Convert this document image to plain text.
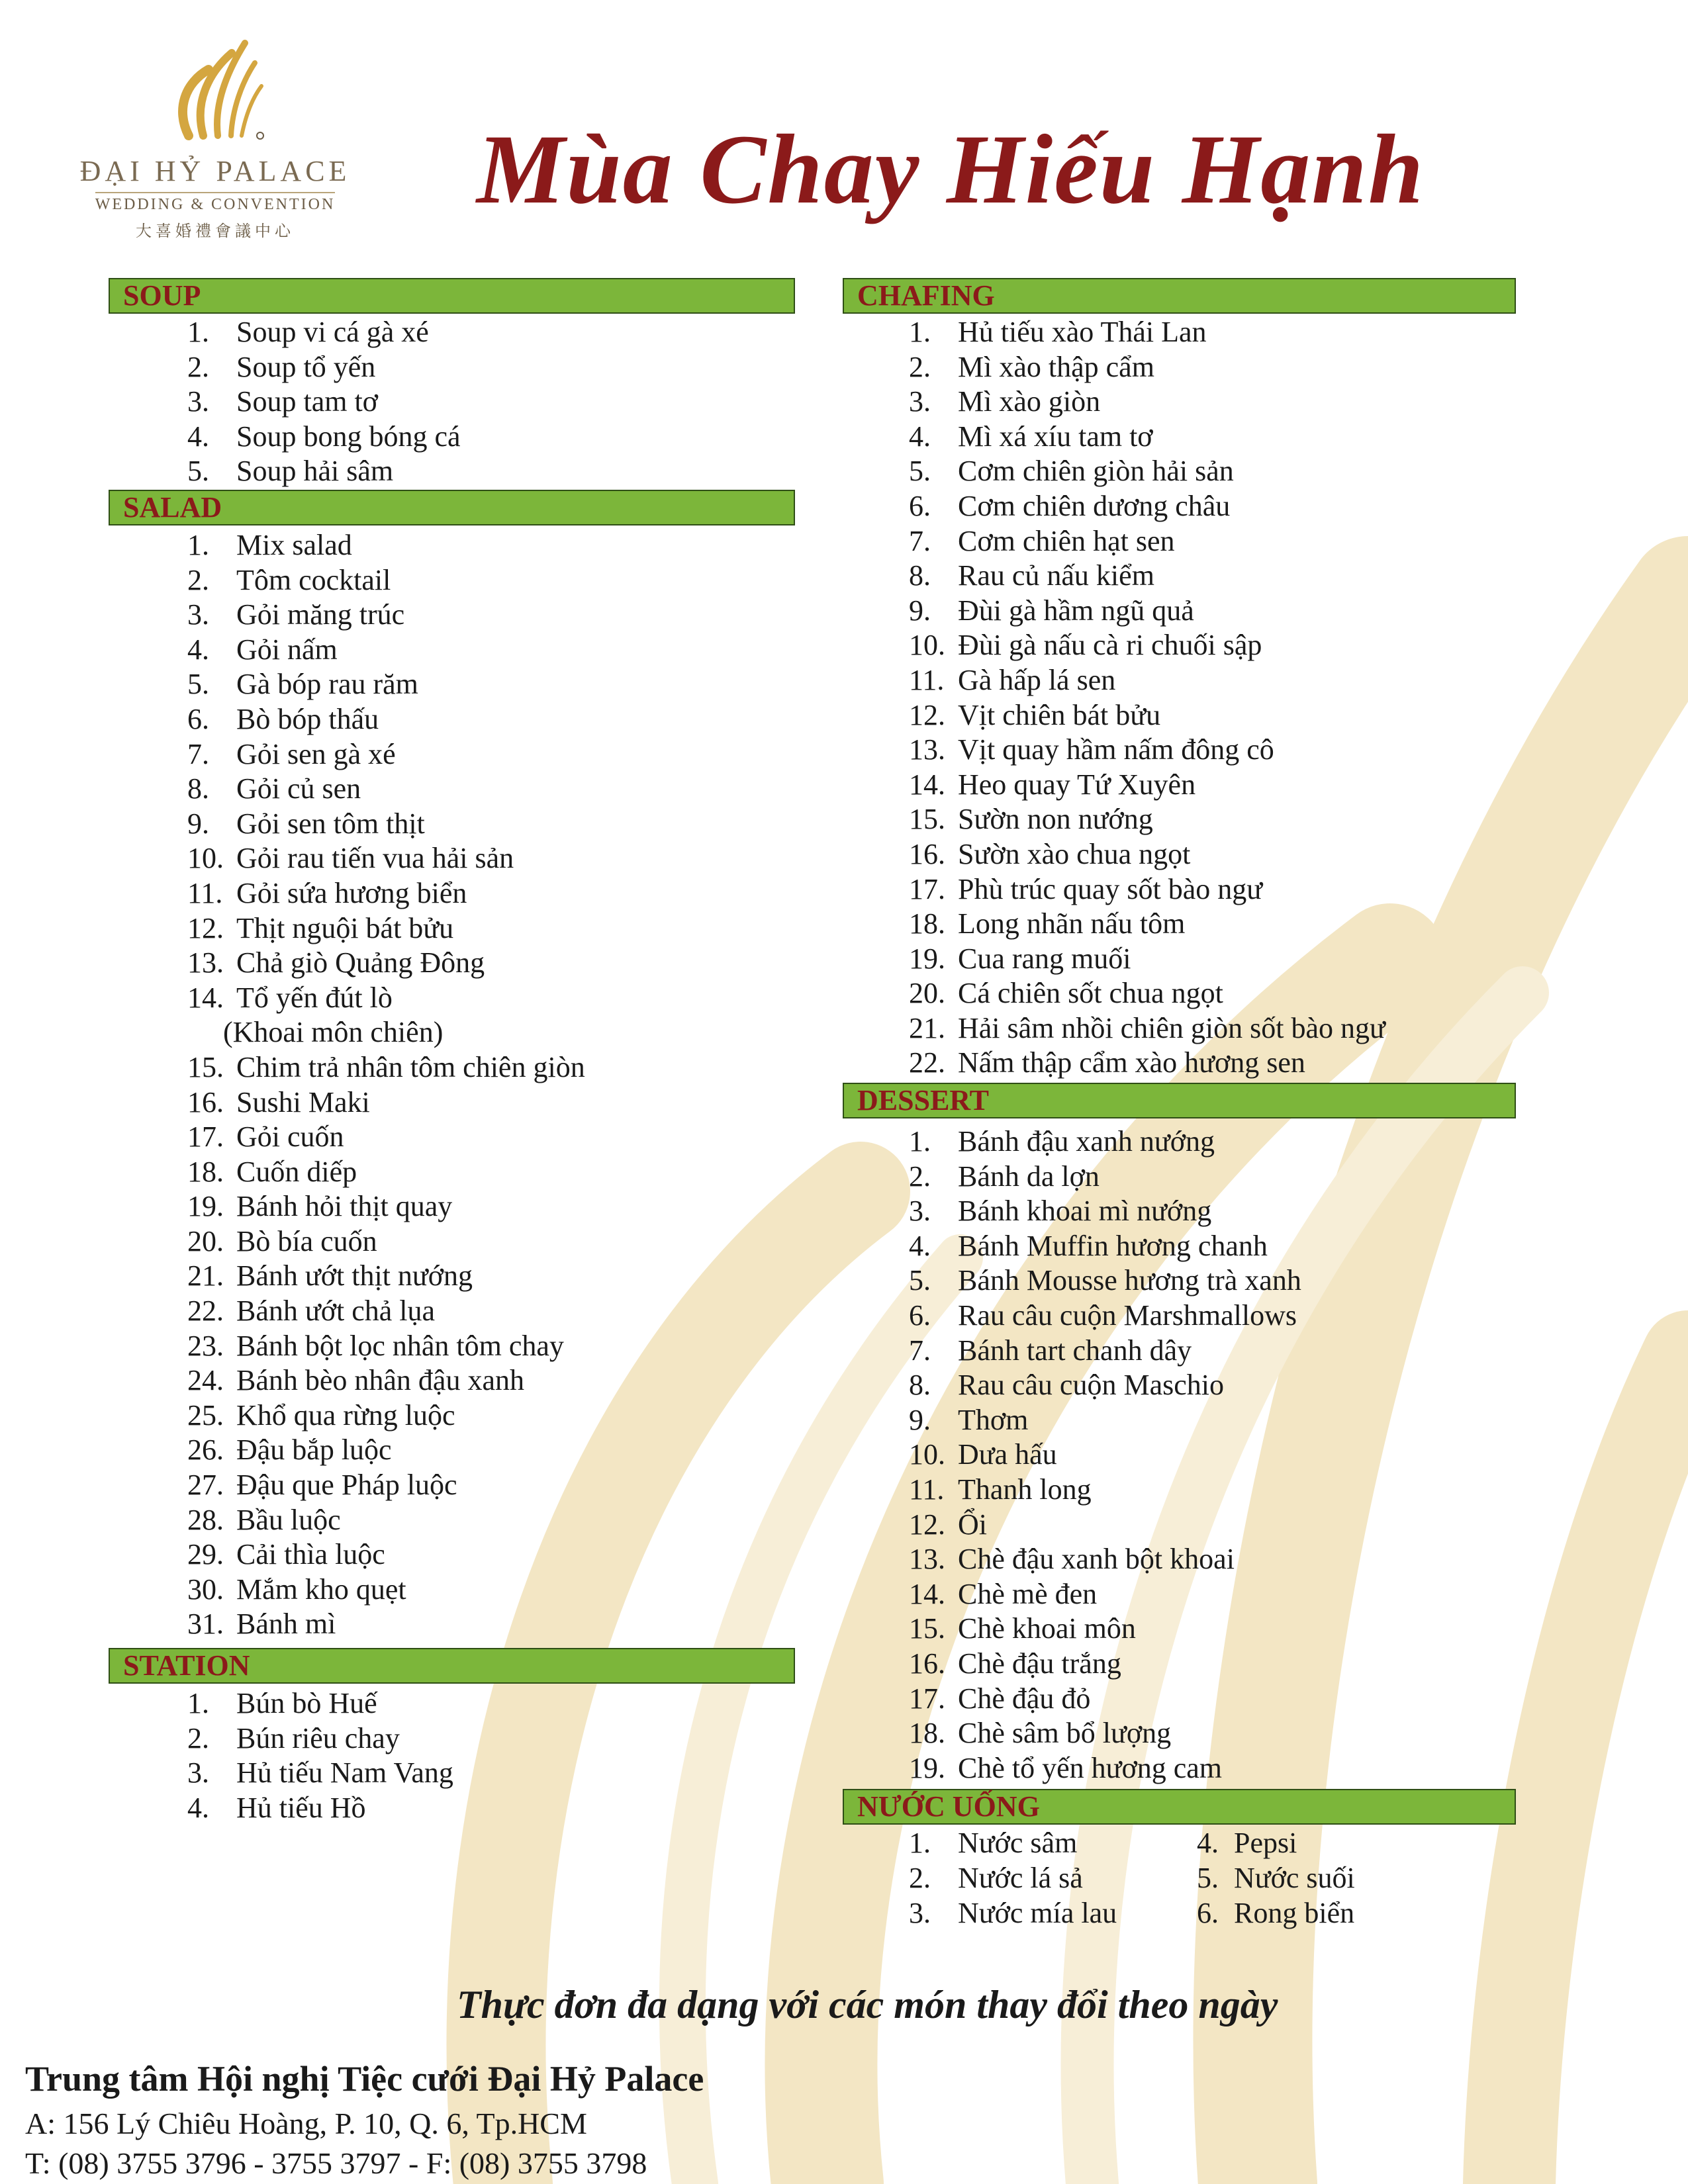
ĐẠI HỶ PALACE
WEDDING & CONVENTION
大喜婚禮會議中心
Mùa Chay Hiếu Hạnh
SOUP
1. Soup vi cá gà xé
2. Soup tổ yến
3. Soup tam tơ
4. Soup bong bóng cá
5. Soup hải sâm
SALAD
1. Mix salad
2. Tôm cocktail
3. Gỏi măng trúc
4. Gỏi nấm
5. Gà bóp rau răm
6. Bò bóp thấu
7. Gỏi sen gà xé
8. Gỏi củ sen
9. Gỏi sen tôm thịt
10. Gỏi rau tiến vua hải sản
11. Gỏi sứa hương biển
12. Thịt nguội bát bửu
13. Chả giò Quảng Đông
14. Tổ yến đút lò
(Khoai môn chiên)
15. Chim trả nhân tôm chiên giòn
16. Sushi Maki
17. Gỏi cuốn
18. Cuốn diếp
19. Bánh hỏi thịt quay
20. Bò bía cuốn
21. Bánh ướt thịt nướng
22. Bánh ướt chả lụa
23. Bánh bột lọc nhân tôm chay
24. Bánh bèo nhân đậu xanh
25. Khổ qua rừng luộc
26. Đậu bắp luộc
27. Đậu que Pháp luộc
28. Bầu luộc
29. Cải thìa luộc
30. Mắm kho quẹt
31. Bánh mì
STATION
1. Bún bò Huế
2. Bún riêu chay
3. Hủ tiếu Nam Vang
4. Hủ tiếu Hồ
CHAFING
1. Hủ tiếu xào Thái Lan
2. Mì xào thập cẩm
3. Mì xào giòn
4. Mì xá xíu tam tơ
5. Cơm chiên giòn hải sản
6. Cơm chiên dương châu
7. Cơm chiên hạt sen
8. Rau củ nấu kiểm
9. Đùi gà hầm ngũ quả
10. Đùi gà nấu cà ri chuối sập
11. Gà hấp lá sen
12. Vịt chiên bát bửu
13. Vịt quay hầm nấm đông cô
14. Heo quay Tứ Xuyên
15. Sườn non nướng
16. Sườn xào chua ngọt
17. Phù trúc quay sốt bào ngư
18. Long nhãn nấu tôm
19. Cua rang muối
20. Cá chiên sốt chua ngọt
21. Hải sâm nhồi chiên giòn sốt bào ngư
22. Nấm thập cẩm xào hương sen
DESSERT
1. Bánh đậu xanh nướng
2. Bánh da lợn
3. Bánh khoai mì nướng
4. Bánh Muffin hương chanh
5. Bánh Mousse hương trà xanh
6. Rau câu cuộn Marshmallows
7. Bánh tart chanh dây
8. Rau câu cuộn Maschio
9. Thơm
10. Dưa hấu
11. Thanh long
12. Ổi
13. Chè đậu xanh bột khoai
14. Chè mè đen
15. Chè khoai môn
16. Chè đậu trắng
17. Chè đậu đỏ
18. Chè sâm bổ lượng
19. Chè tổ yến hương cam
NƯỚC UỐNG
1. Nước sâm
2. Nước lá sả
3. Nước mía lau
4. Pepsi
5. Nước suối
6. Rong biển
Thực đơn đa dạng với các món thay đổi theo ngày
Trung tâm Hội nghị Tiệc cưới Đại Hỷ Palace
A: 156 Lý Chiêu Hoàng, P. 10, Q. 6, Tp.HCM
T: (08) 3755 3796 - 3755 3797 - F: (08) 3755 3798
